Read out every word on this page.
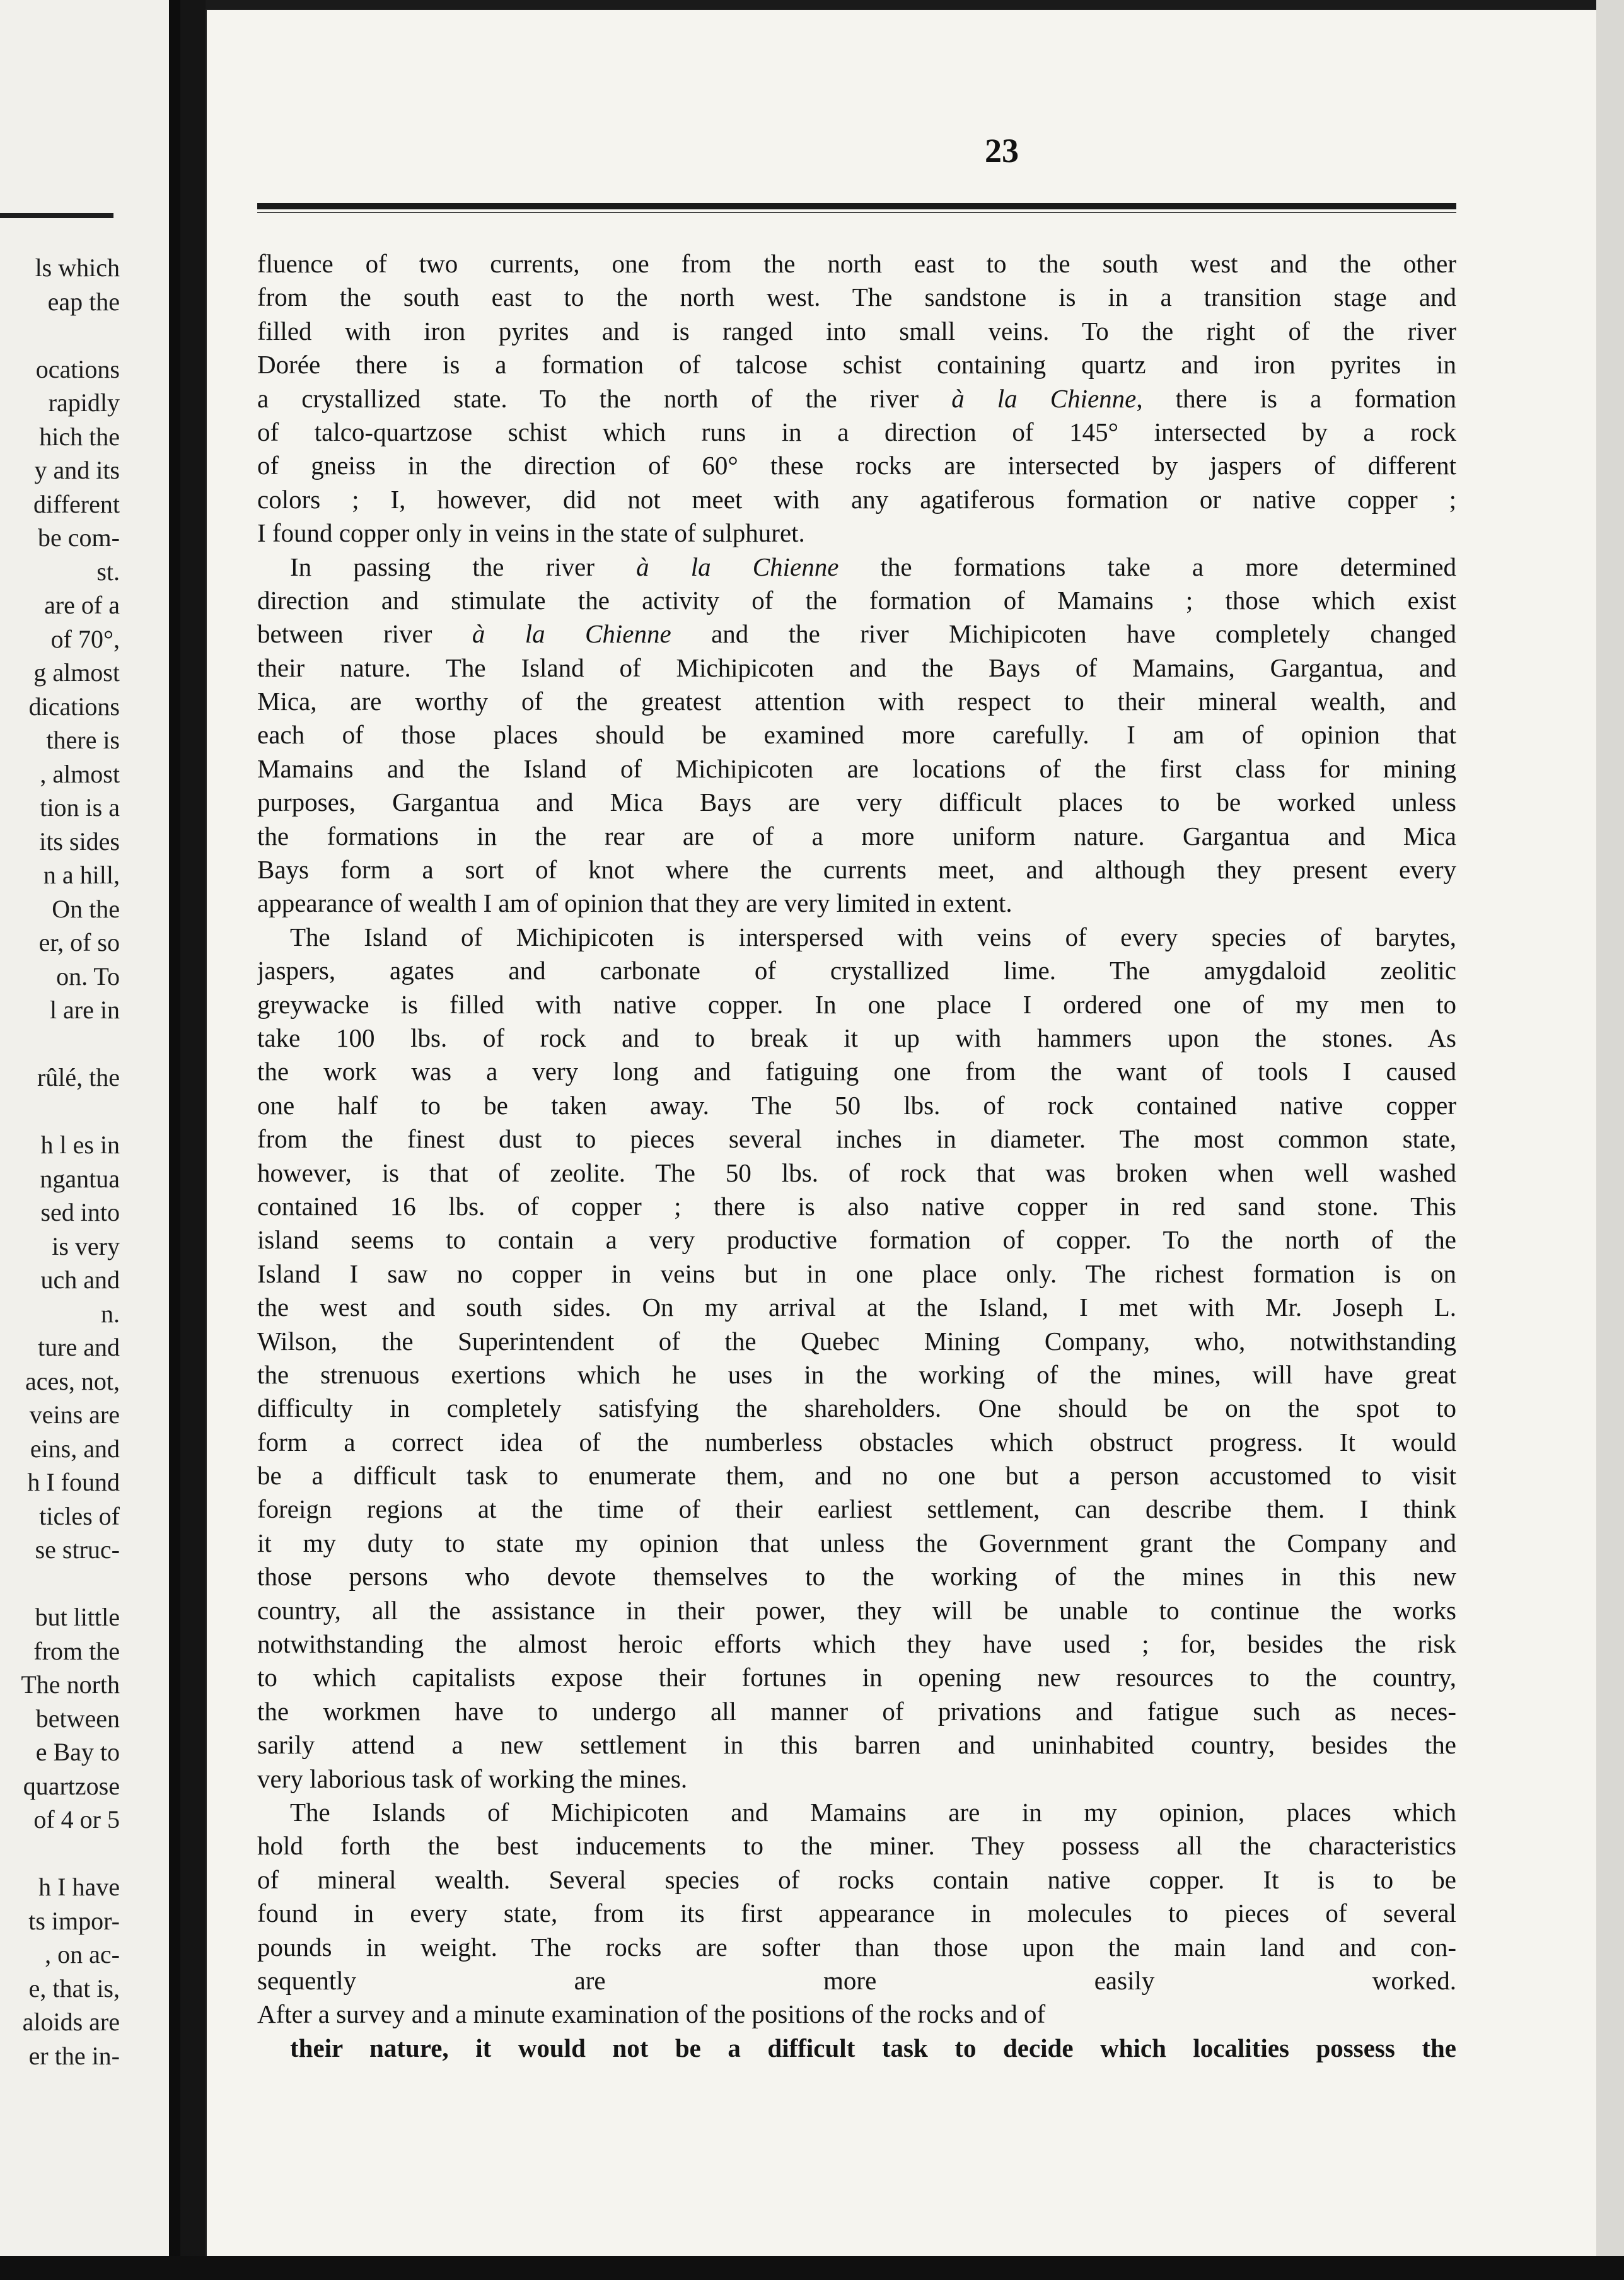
ls which
eap the

ocations
rapidly
hich the
y and its
different
be com-
st.
are of a
of 70°,
g almost
dications
there is
, almost
tion is a
its sides
n a hill,
On the
er, of so
on. To
l are in

rûlé, the

h l es in
ngantua
sed into
is very
uch and
n.
ture and
aces, not,
veins are
eins, and
h I found
ticles of
se struc-

but little
from the
The north
between
e Bay to
quartzose
of 4 or 5

h I have
ts impor-
, on ac-
e, that is,
aloids are
er the in-
23
fluence of two currents, one from the north east to the south west and the other
from the south east to the north west. The sandstone is in a transition stage and
filled with iron pyrites and is ranged into small veins. To the right of the river
Dorée there is a formation of talcose schist containing quartz and iron pyrites in
a crystallized state. To the north of the river à la Chienne, there is a formation
of talco-quartzose schist which runs in a direction of 145° intersected by a rock
of gneiss in the direction of 60° these rocks are intersected by jaspers of different
colors ; I, however, did not meet with any agatiferous formation or native copper ;
I found copper only in veins in the state of sulphuret.
In passing the river à la Chienne the formations take a more determined
direction and stimulate the activity of the formation of Mamains ; those which exist
between river à la Chienne and the river Michipicoten have completely changed
their nature. The Island of Michipicoten and the Bays of Mamains, Gargantua, and
Mica, are worthy of the greatest attention with respect to their mineral wealth, and
each of those places should be examined more carefully. I am of opinion that
Mamains and the Island of Michipicoten are locations of the first class for mining
purposes, Gargantua and Mica Bays are very difficult places to be worked unless
the formations in the rear are of a more uniform nature. Gargantua and Mica
Bays form a sort of knot where the currents meet, and although they present every
appearance of wealth I am of opinion that they are very limited in extent.
The Island of Michipicoten is interspersed with veins of every species of barytes,
jaspers, agates and carbonate of crystallized lime. The amygdaloid zeolitic
greywacke is filled with native copper. In one place I ordered one of my men to
take 100 lbs. of rock and to break it up with hammers upon the stones. As
the work was a very long and fatiguing one from the want of tools I caused
one half to be taken away. The 50 lbs. of rock contained native copper
from the finest dust to pieces several inches in diameter. The most common state,
however, is that of zeolite. The 50 lbs. of rock that was broken when well washed
contained 16 lbs. of copper ; there is also native copper in red sand stone. This
island seems to contain a very productive formation of copper. To the north of the
Island I saw no copper in veins but in one place only. The richest formation is on
the west and south sides. On my arrival at the Island, I met with Mr. Joseph L.
Wilson, the Superintendent of the Quebec Mining Company, who, notwithstanding
the strenuous exertions which he uses in the working of the mines, will have great
difficulty in completely satisfying the shareholders. One should be on the spot to
form a correct idea of the numberless obstacles which obstruct progress. It would
be a difficult task to enumerate them, and no one but a person accustomed to visit
foreign regions at the time of their earliest settlement, can describe them. I think
it my duty to state my opinion that unless the Government grant the Company and
those persons who devote themselves to the working of the mines in this new
country, all the assistance in their power, they will be unable to continue the works
notwithstanding the almost heroic efforts which they have used ; for, besides the risk
to which capitalists expose their fortunes in opening new resources to the country,
the workmen have to undergo all manner of privations and fatigue such as neces-
sarily attend a new settlement in this barren and uninhabited country, besides the
very laborious task of working the mines.
The Islands of Michipicoten and Mamains are in my opinion, places which
hold forth the best inducements to the miner. They possess all the characteristics
of mineral wealth. Several species of rocks contain native copper. It is to be
found in every state, from its first appearance in molecules to pieces of several
pounds in weight. The rocks are softer than those upon the main land and con-
sequently are more easily worked.
After a survey and a minute examination of the positions of the rocks and of
their nature, it would not be a difficult task to decide which localities possess the
